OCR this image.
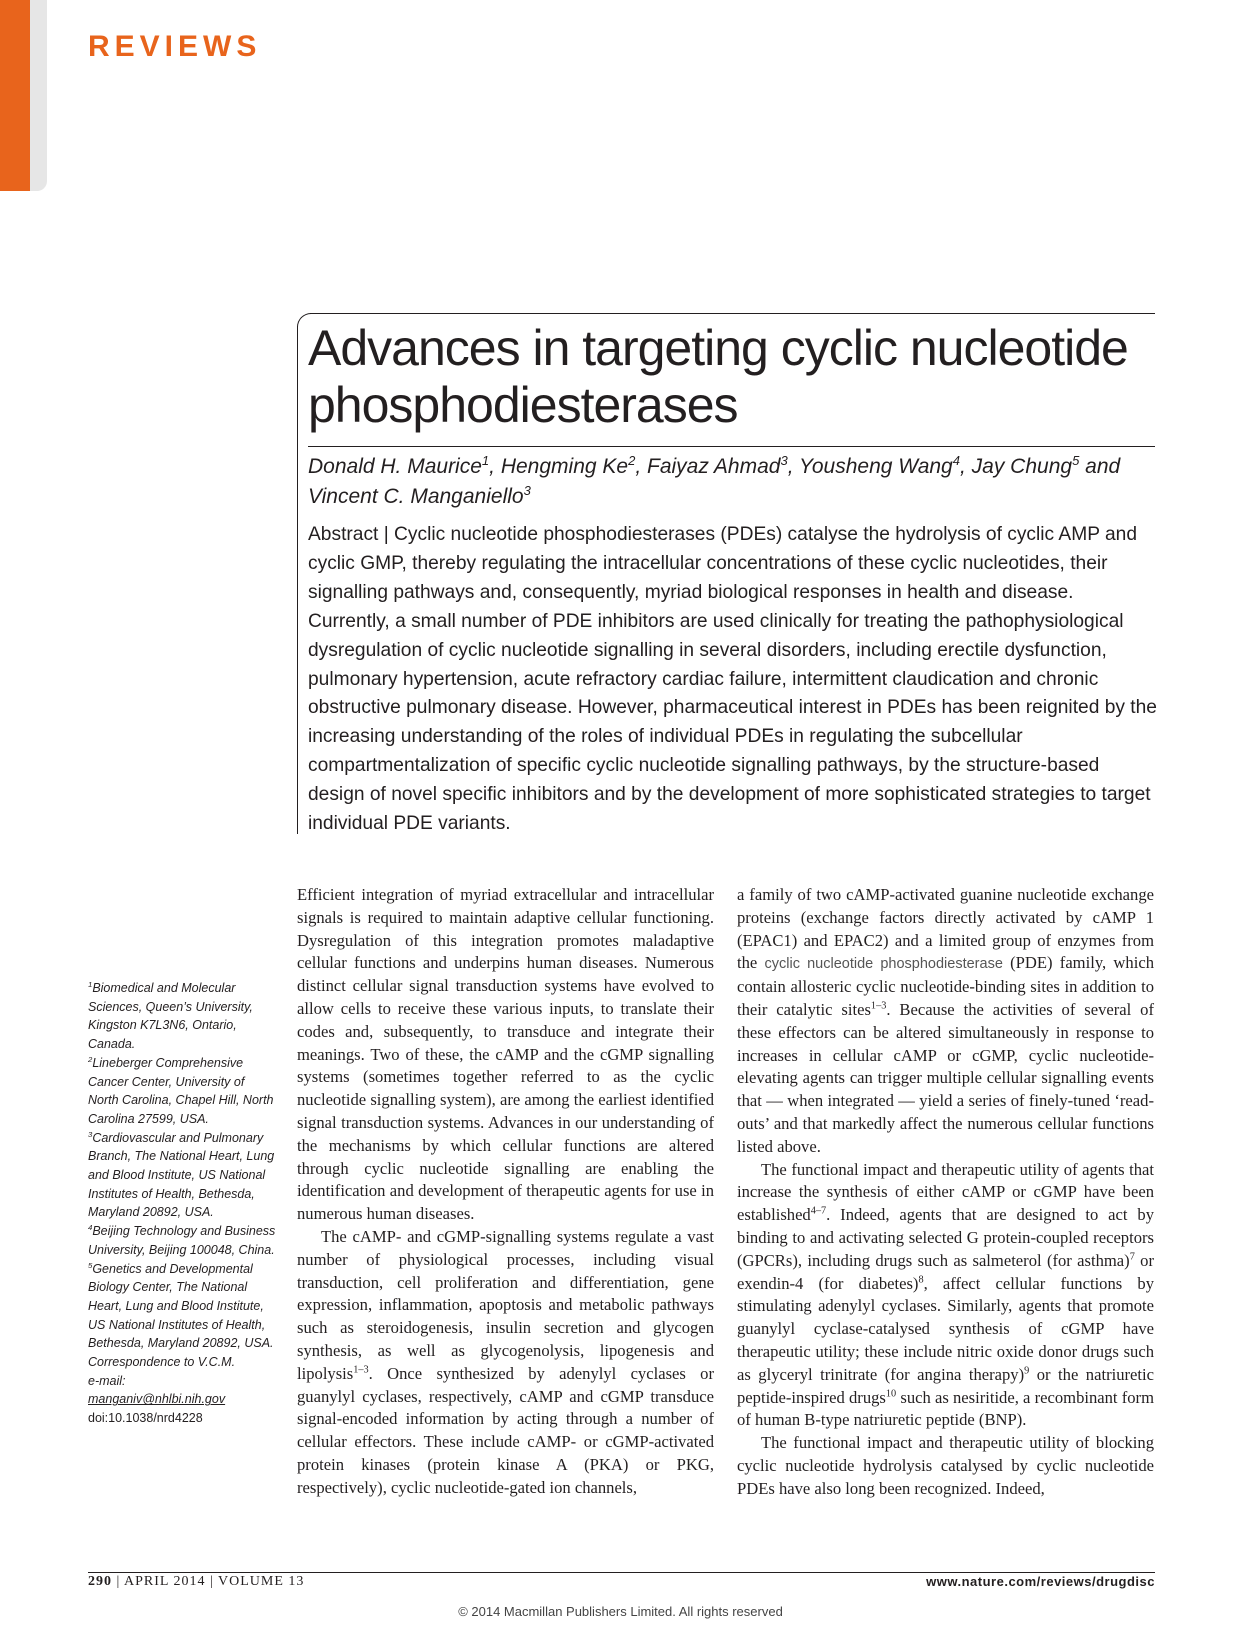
REVIEWS
Advances in targeting cyclic nucleotide phosphodiesterases

Donald H. Maurice$^1$, Hengming Ke$^2$, Faiyaz Ahmad$^3$, Yousheng Wang$^4$, Jay Chung$^5$ and Vincent C. Manganiello$^3$

Abstract | Cyclic nucleotide phosphodiesterases (PDEs) catalyse the hydrolysis of cyclic AMP and cyclic GMP, thereby regulating the intracellular concentrations of these cyclic nucleotides, their signalling pathways and, consequently, myriad biological responses in health and disease. Currently, a small number of PDE inhibitors are used clinically for treating the pathophysiological dysregulation of cyclic nucleotide signalling in several disorders, including erectile dysfunction, pulmonary hypertension, acute refractory cardiac failure, intermittent claudication and chronic obstructive pulmonary disease. However, pharmaceutical interest in PDEs has been reignited by the increasing understanding of the roles of individual PDEs in regulating the subcellular compartmentalization of specific cyclic nucleotide signalling pathways, by the structure-based design of novel specific inhibitors and by the development of more sophisticated strategies to target individual PDE variants.

$^1$Biomedical and Molecular Sciences, Queen’s University, Kingston K7L3N6, Ontario, Canada.

$^2$Lineberger Comprehensive Cancer Center, University of North Carolina, Chapel Hill, North Carolina 27599, USA.

$^3$Cardiovascular and Pulmonary Branch, The National Heart, Lung and Blood Institute, US National Institutes of Health, Bethesda, Maryland 20892, USA.

$^4$Beijing Technology and Business University, Beijing 100048, China.

$^5$Genetics and Developmental Biology Center, The National Heart, Lung and Blood Institute, US National Institutes of Health, Bethesda, Maryland 20892, USA.

Correspondence to V.C.M.

e-mail:

manganiv@nhlbi.nih.gov

doi:10.1038/nrd4228

Efficient integration of myriad extracellular and intracellular signals is required to maintain adaptive cellular functioning. Dysregulation of this integration promotes maladaptive cellular functions and underpins human diseases. Numerous distinct cellular signal transduction systems have evolved to allow cells to receive these various inputs, to translate their codes and, subsequently, to transduce and integrate their meanings. Two of these, the cAMP and the cGMP signalling systems (sometimes together referred to as the cyclic nucleotide signalling system), are among the earliest identified signal transduction systems. Advances in our understanding of the mechanisms by which cellular functions are altered through cyclic nucleotide signalling are enabling the identification and development of therapeutic agents for use in numerous human diseases.

The cAMP- and cGMP-signalling systems regulate a vast number of physiological processes, including visual transduction, cell proliferation and differentiation, gene expression, inflammation, apoptosis and metabolic pathways such as steroidogenesis, insulin secretion and glycogen synthesis, as well as glycogenolysis, lipogenesis and lipolysis$^{1-3}$. Once synthesized by adenylyl cyclases or guanylyl cyclases, respectively, cAMP and cGMP transduce signal-encoded information by acting through a number of cellular effectors. These include cAMP- or cGMP-activated protein kinases (protein kinase A (PKA) or PKG, respectively), cyclic nucleotide-gated ion channels,

a family of two cAMP-activated guanine nucleotide exchange proteins (exchange factors directly activated by cAMP 1 (EPAC1) and EPAC2) and a limited group of enzymes from the cyclic nucleotide phosphodiesterase (PDE) family, which contain allosteric cyclic nucleotide-binding sites in addition to their catalytic sites$^{1-3}$. Because the activities of several of these effectors can be altered simultaneously in response to increases in cellular cAMP or cGMP, cyclic nucleotide-elevating agents can trigger multiple cellular signalling events that — when integrated — yield a series of finely-tuned ‘read-outs’ and that markedly affect the numerous cellular functions listed above.

The functional impact and therapeutic utility of agents that increase the synthesis of either cAMP or cGMP have been established$^{4-7}$. Indeed, agents that are designed to act by binding to and activating selected G protein-coupled receptors (GPCRs), including drugs such as salmeterol (for asthma)$^7$ or exendin-4 (for diabetes)$^8$, affect cellular functions by stimulating adenylyl cyclases. Similarly, agents that promote guanylyl cyclase-catalysed synthesis of cGMP have therapeutic utility; these include nitric oxide donor drugs such as glyceryl trinitrate (for angina therapy)$^9$ or the natriuretic peptide-inspired drugs$^{10}$ such as nesiritide, a recombinant form of human B-type natriuretic peptide (BNP).

The functional impact and therapeutic utility of blocking cyclic nucleotide hydrolysis catalysed by cyclic nucleotide PDEs have also long been recognized. Indeed,

290 | APRIL 2014 | VOLUME 13	www.nature.com/reviews/drugdisc
© 2014 Macmillan Publishers Limited. All rights reserved
